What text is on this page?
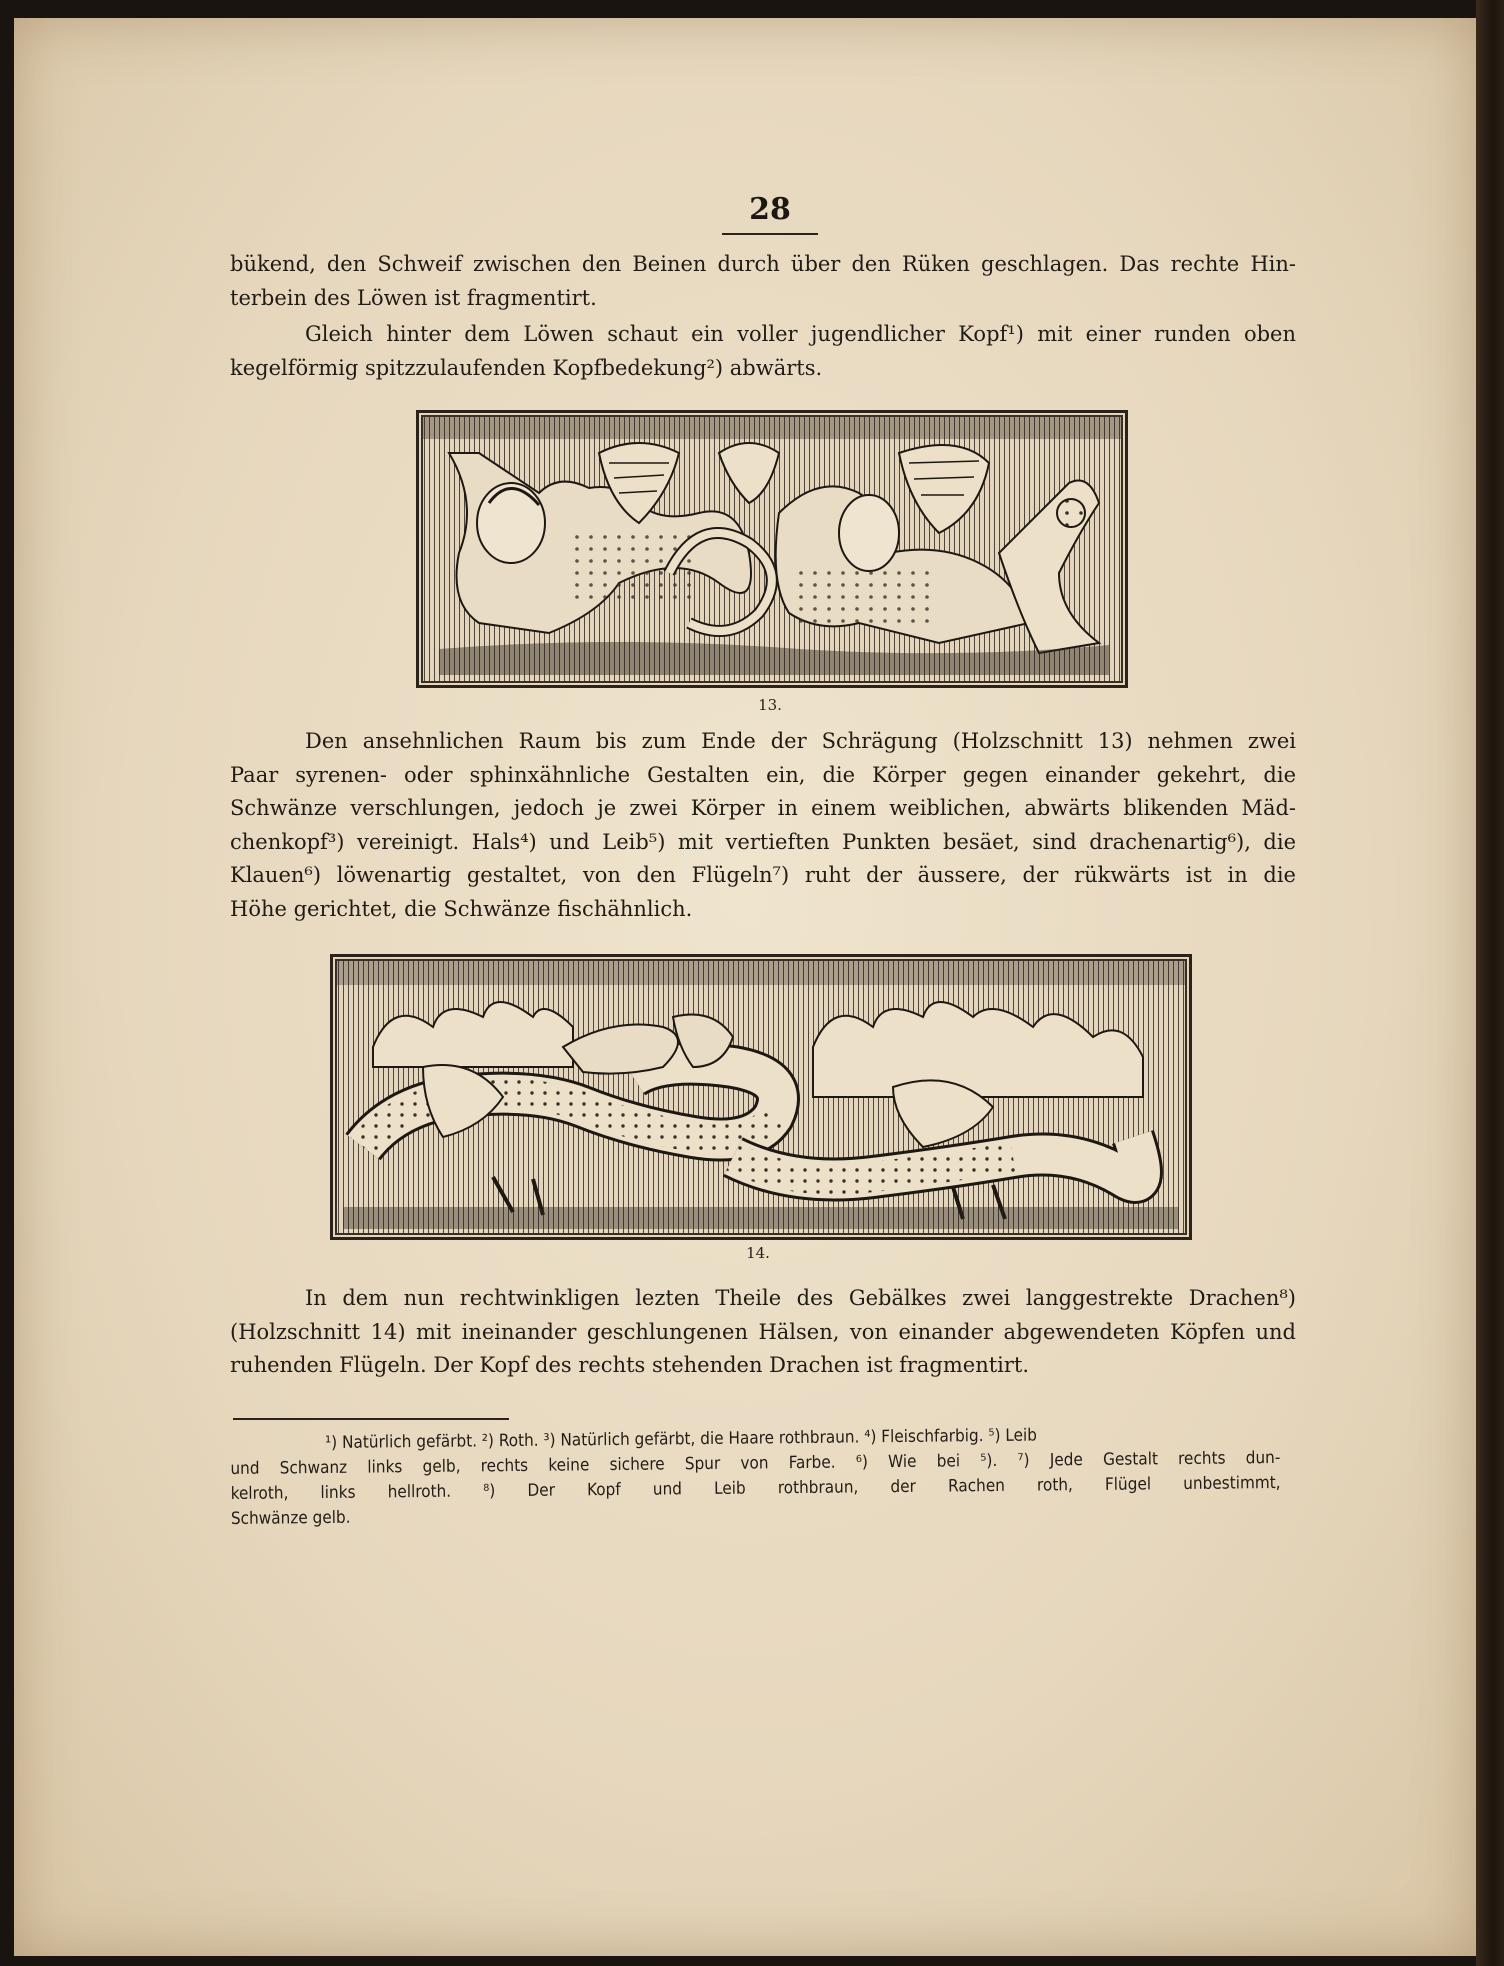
28
bükend, den Schweif zwischen den Beinen durch über den Rüken geschlagen. Das rechte Hin-
terbein des Löwen ist fragmentirt.
Gleich hinter dem Löwen schaut ein voller jugendlicher Kopf¹) mit einer runden oben
kegelförmig spitzzulaufenden Kopfbedekung²) abwärts.
13.
Den ansehnlichen Raum bis zum Ende der Schrägung (Holzschnitt 13) nehmen zwei
Paar syrenen- oder sphinxähnliche Gestalten ein, die Körper gegen einander gekehrt, die
Schwänze verschlungen, jedoch je zwei Körper in einem weiblichen, abwärts blikenden Mäd-
chenkopf³) vereinigt. Hals⁴) und Leib⁵) mit vertieften Punkten besäet, sind drachenartig⁶), die
Klauen⁶) löwenartig gestaltet, von den Flügeln⁷) ruht der äussere, der rükwärts ist in die
Höhe gerichtet, die Schwänze fischähnlich.
14.
In dem nun rechtwinkligen lezten Theile des Gebälkes zwei langgestrekte Drachen⁸)
(Holzschnitt 14) mit ineinander geschlungenen Hälsen, von einander abgewendeten Köpfen und
ruhenden Flügeln. Der Kopf des rechts stehenden Drachen ist fragmentirt.
¹) Natürlich gefärbt. ²) Roth. ³) Natürlich gefärbt, die Haare rothbraun. ⁴) Fleischfarbig. ⁵) Leib
und Schwanz links gelb, rechts keine sichere Spur von Farbe. ⁶) Wie bei ⁵). ⁷) Jede Gestalt rechts dun-
kelroth, links hellroth. ⁸) Der Kopf und Leib rothbraun, der Rachen roth, Flügel unbestimmt,
Schwänze gelb.
